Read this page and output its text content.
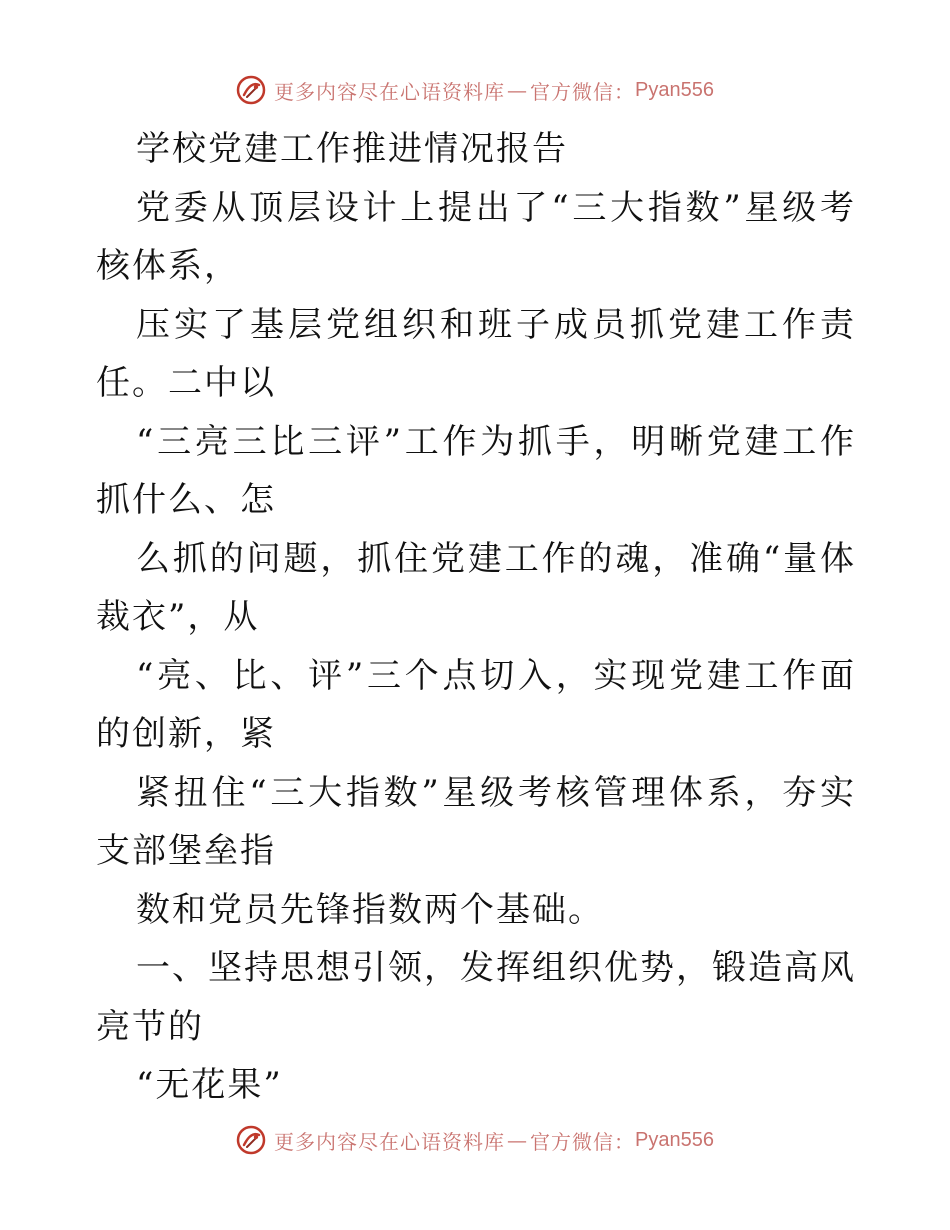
更多内容尽在心语资料库 — 官方微信： Pyan556

学校党建工作推进情况报告

党委从顶层设计上提出了“三大指数”星级考核体系，

压实了基层党组织和班子成员抓党建工作责任。二中以

“三亮三比三评”工作为抓手，明晰党建工作抓什么、怎

么抓的问题，抓住党建工作的魂，准确“量体裁衣”，从

“亮、比、评”三个点切入，实现党建工作面的创新，紧

紧扭住“三大指数”星级考核管理体系，夯实支部堡垒指

数和党员先锋指数两个基础。

一、坚持思想引领，发挥组织优势，锻造高风亮节的

“无花果”

更多内容尽在心语资料库 — 官方微信： Pyan556
